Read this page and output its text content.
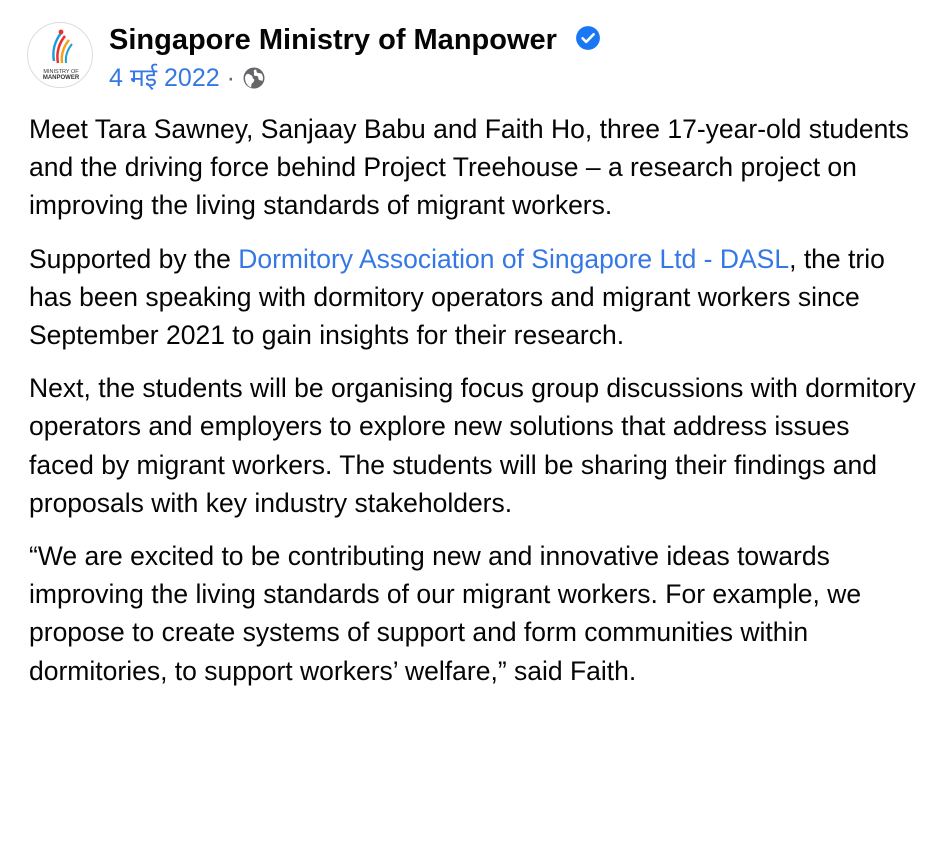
MINISTRY OF
MANPOWER
Singapore Ministry of Manpower
4 मई 2022 ·

Meet Tara Sawney, Sanjaay Babu and Faith Ho, three 17-year-old students and the driving force behind Project Treehouse – a research project on improving the living standards of migrant workers.

Supported by the Dormitory Association of Singapore Ltd - DASL, the trio has been speaking with dormitory operators and migrant workers since September 2021 to gain insights for their research.

Next, the students will be organising focus group discussions with dormitory operators and employers to explore new solutions that address issues faced by migrant workers. The students will be sharing their findings and proposals with key industry stakeholders.

“We are excited to be contributing new and innovative ideas towards improving the living standards of our migrant workers. For example, we propose to create systems of support and form communities within dormitories, to support workers’ welfare,” said Faith.
